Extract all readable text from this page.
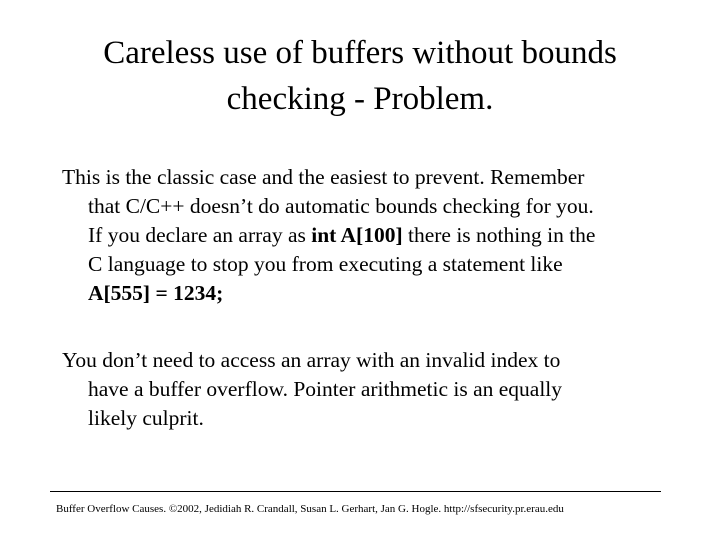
Careless use of buffers without bounds
checking - Problem.
This is the classic case and the easiest to prevent. Remember
that C/C++ doesn’t do automatic bounds checking for you.
If you declare an array as int A[100] there is nothing in the
C language to stop you from executing a statement like
A[555] = 1234;
You don’t need to access an array with an invalid index to
have a buffer overflow. Pointer arithmetic is an equally
likely culprit.
Buffer Overflow Causes. ©2002, Jedidiah R. Crandall, Susan L. Gerhart, Jan G. Hogle. http://sfsecurity.pr.erau.edu
